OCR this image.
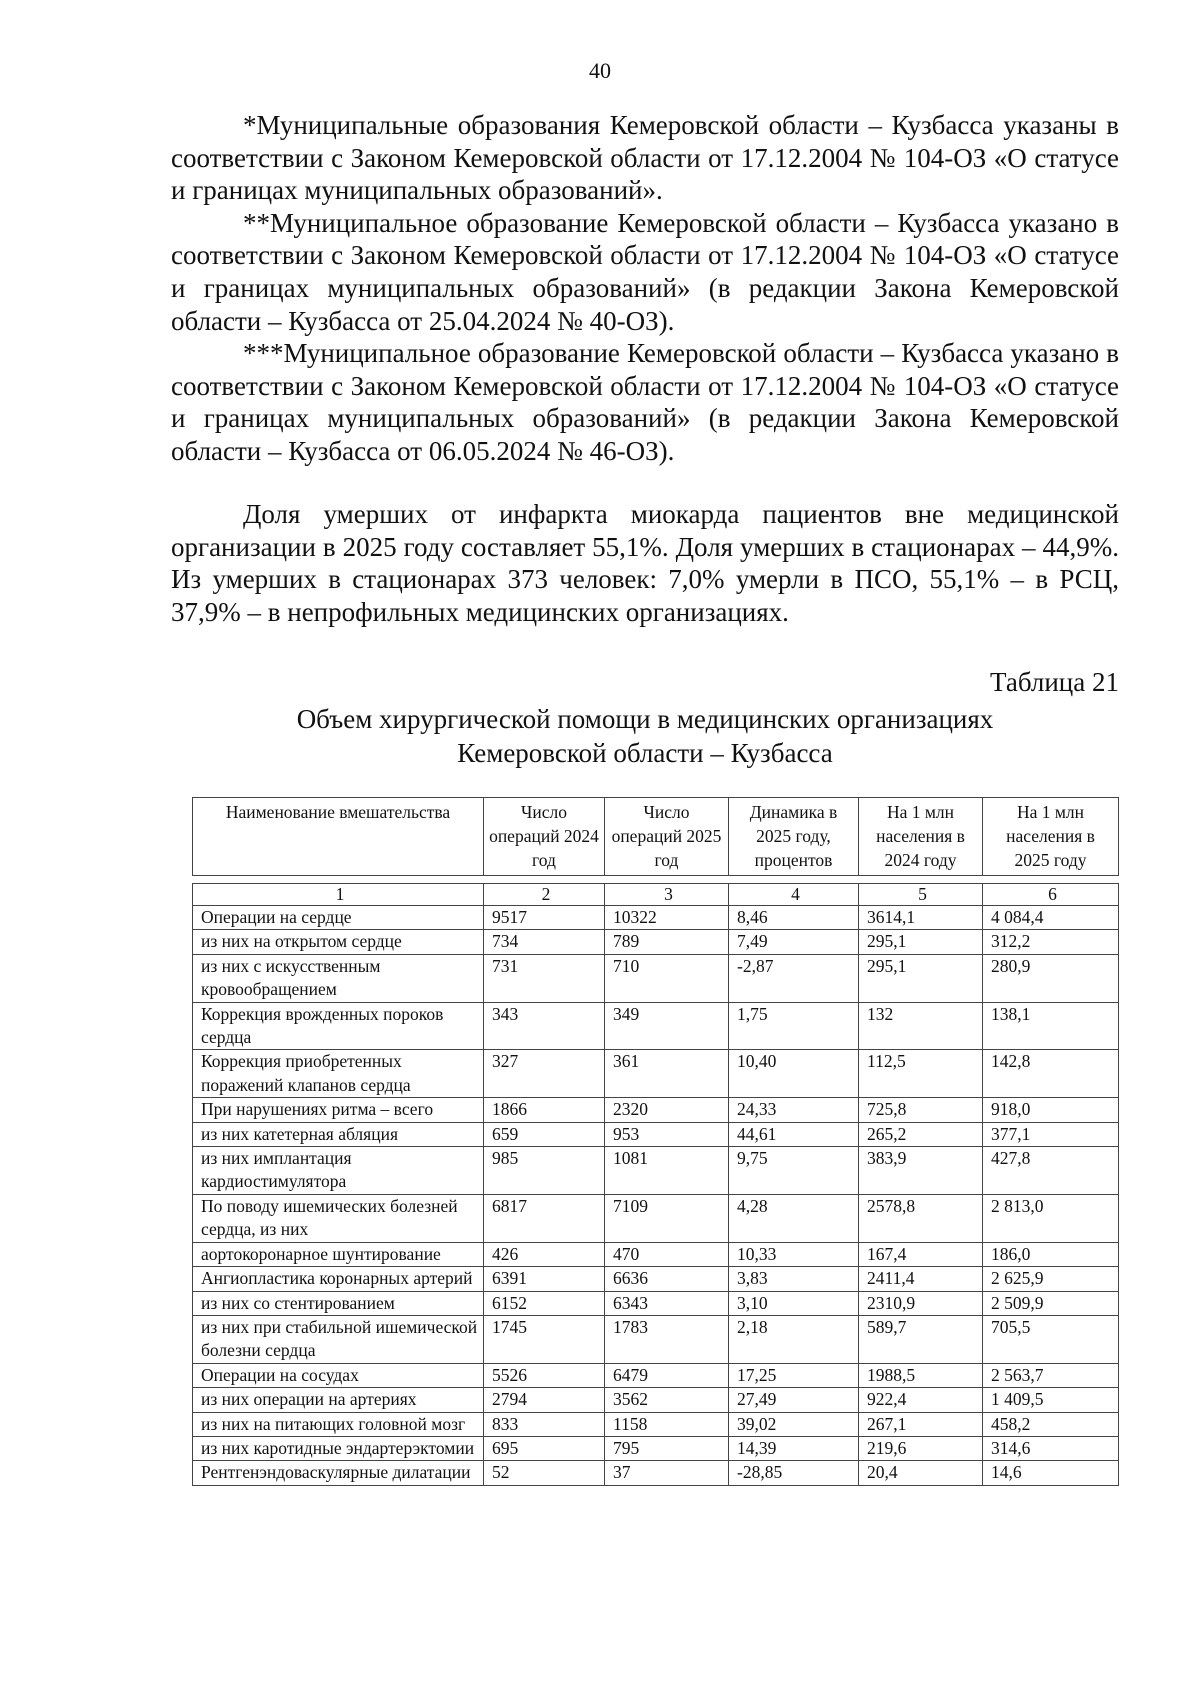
40

*Муниципальные образования Кемеровской области – Кузбасса указаны в соответствии с Законом Кемеровской области от 17.12.2004 № 104-ОЗ «О статусе и границах муниципальных образований».

**Муниципальное образование Кемеровской области – Кузбасса указано в соответствии с Законом Кемеровской области от 17.12.2004 № 104-ОЗ «О статусе и границах муниципальных образований» (в редакции Закона Кемеровской области – Кузбасса от 25.04.2024 № 40-ОЗ).

***Муниципальное образование Кемеровской области – Кузбасса указано в соответствии с Законом Кемеровской области от 17.12.2004 № 104-ОЗ «О статусе и границах муниципальных образований» (в редакции Закона Кемеровской области – Кузбасса от 06.05.2024 № 46-ОЗ).

Доля умерших от инфаркта миокарда пациентов вне медицинской организации в 2025 году составляет 55,1%. Доля умерших в стационарах – 44,9%. Из умерших в стационарах 373 человек: 7,0% умерли в ПСО, 55,1% – в РСЦ, 37,9% – в непрофильных медицинских организациях.

Таблица 21
Объем хирургической помощи в медицинских организациях
Кемеровской области – Кузбасса
Наименование вмешательства	Число операций 2024 год	Число операций 2025 год	Динамика в 2025 году, процентов	На 1 млн населения в 2024 году	На 1 млн населения в 2025 году

1	2	3	4	5	6
Операции на сердце	9517	10322	8,46	3614,1	4 084,4
из них на открытом сердце	734	789	7,49	295,1	312,2
из них с искусственным кровообращением	731	710	-2,87	295,1	280,9
Коррекция врожденных пороков сердца	343	349	1,75	132	138,1
Коррекция приобретенных поражений клапанов сердца	327	361	10,40	112,5	142,8
При нарушениях ритма – всего	1866	2320	24,33	725,8	918,0
из них катетерная абляция	659	953	44,61	265,2	377,1
из них имплантация кардиостимулятора	985	1081	9,75	383,9	427,8
По поводу ишемических болезней сердца, из них	6817	7109	4,28	2578,8	2 813,0
аортокоронарное шунтирование	426	470	10,33	167,4	186,0
Ангиопластика коронарных артерий	6391	6636	3,83	2411,4	2 625,9
из них со стентированием	6152	6343	3,10	2310,9	2 509,9
из них при стабильной ишемической болезни сердца	1745	1783	2,18	589,7	705,5
Операции на сосудах	5526	6479	17,25	1988,5	2 563,7
из них операции на артериях	2794	3562	27,49	922,4	1 409,5
из них на питающих головной мозг	833	1158	39,02	267,1	458,2
из них каротидные эндартерэктомии	695	795	14,39	219,6	314,6
Рентгенэндоваскулярные дилатации	52	37	-28,85	20,4	14,6
